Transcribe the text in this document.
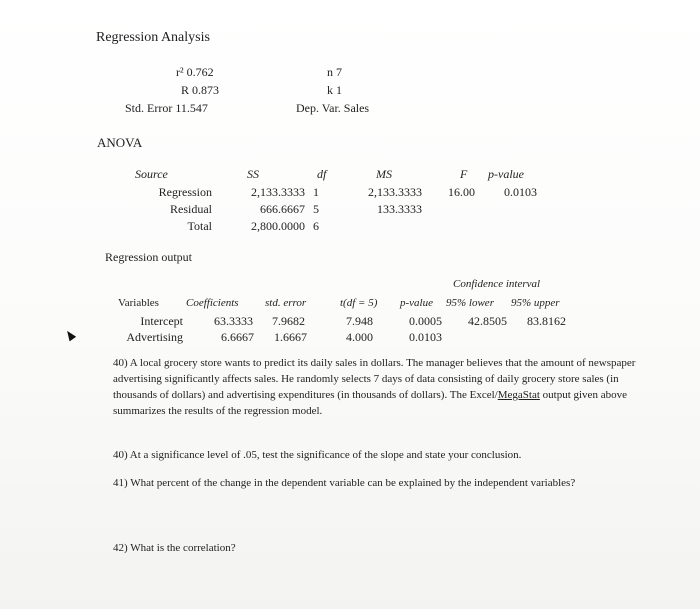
Regression Analysis
r² 0.762
R 0.873
Std. Error 11.547
n 7
k 1
Dep. Var. Sales
ANOVA
Source	SS	df	MS	F p-value
Regression	2,133.3333 1	2,133.3333 16.00 0.0103
Residual	666.6667 5	133.3333
Total	2,800.0000 6
Regression output
Confidence interval
Variables Coefficients std. error	t(df = 5) p-value 95% lower 95% upper
Intercept	63.3333 7.9682	7.948	0.0005 42.8505 83.8162
Advertising	6.6667 1.6667	4.000	0.0103
40) A local grocery store wants to predict its daily sales in dollars. The manager believes that the amount of newspaper advertising significantly affects sales. He randomly selects 7 days of data consisting of daily grocery store sales (in thousands of dollars) and advertising expenditures (in thousands of dollars). The Excel/MegaStat output given above summarizes the results of the regression model.
40) At a significance level of .05, test the significance of the slope and state your conclusion.
41) What percent of the change in the dependent variable can be explained by the independent variables?
42) What is the correlation?
